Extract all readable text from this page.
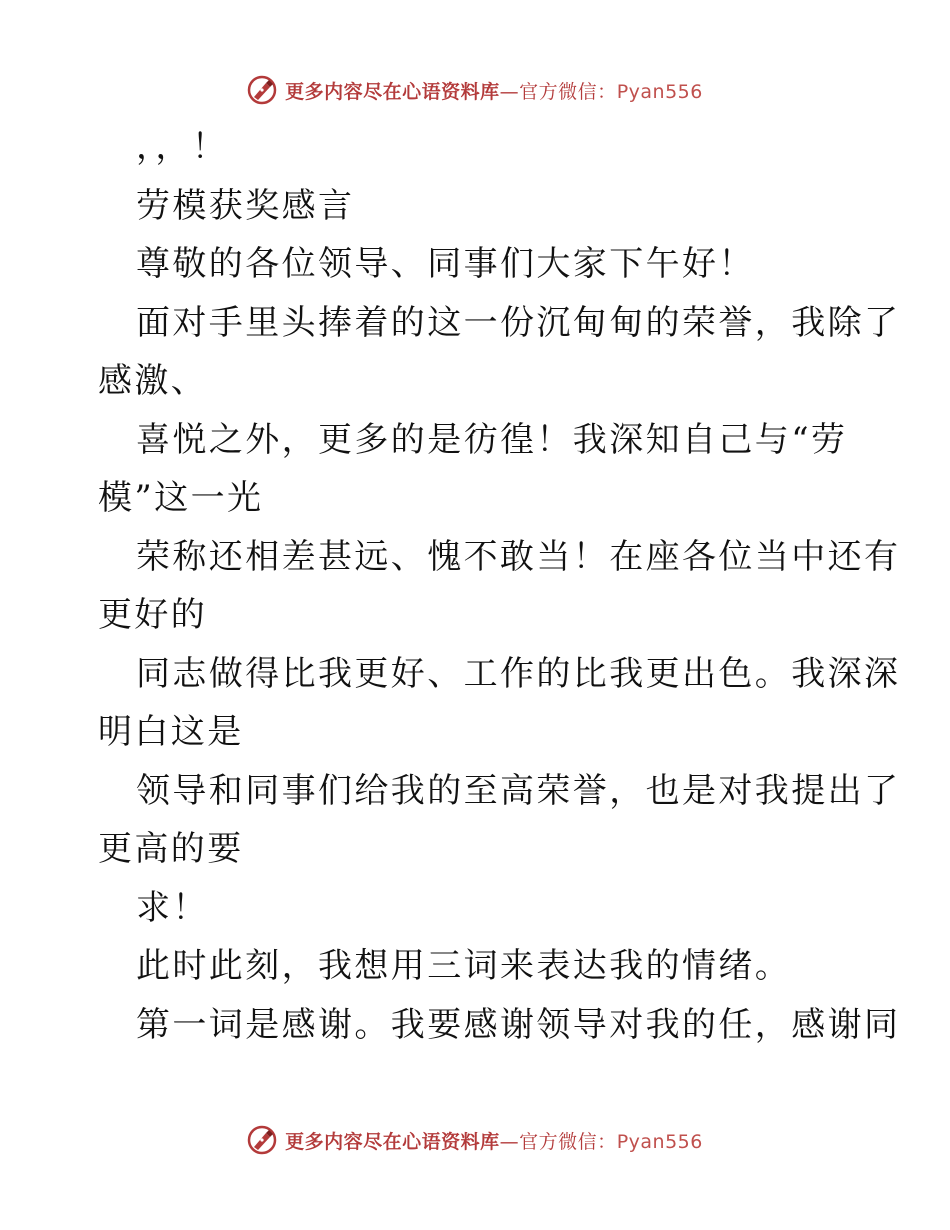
更多内容尽在心语资料库—官方微信：Pyan556
，，！
劳模获奖感言
尊敬的各位领导、同事们大家下午好！
面对手里头捧着的这一份沉甸甸的荣誉，我除了
感激、
喜悦之外，更多的是彷徨！我深知自己与“劳
模”这一光
荣称还相差甚远、愧不敢当！在座各位当中还有
更好的
同志做得比我更好、工作的比我更出色。我深深
明白这是
领导和同事们给我的至高荣誉，也是对我提出了
更高的要
求！
此时此刻，我想用三词来表达我的情绪。
第一词是感谢。我要感谢领导对我的任，感谢同
更多内容尽在心语资料库—官方微信：Pyan556
